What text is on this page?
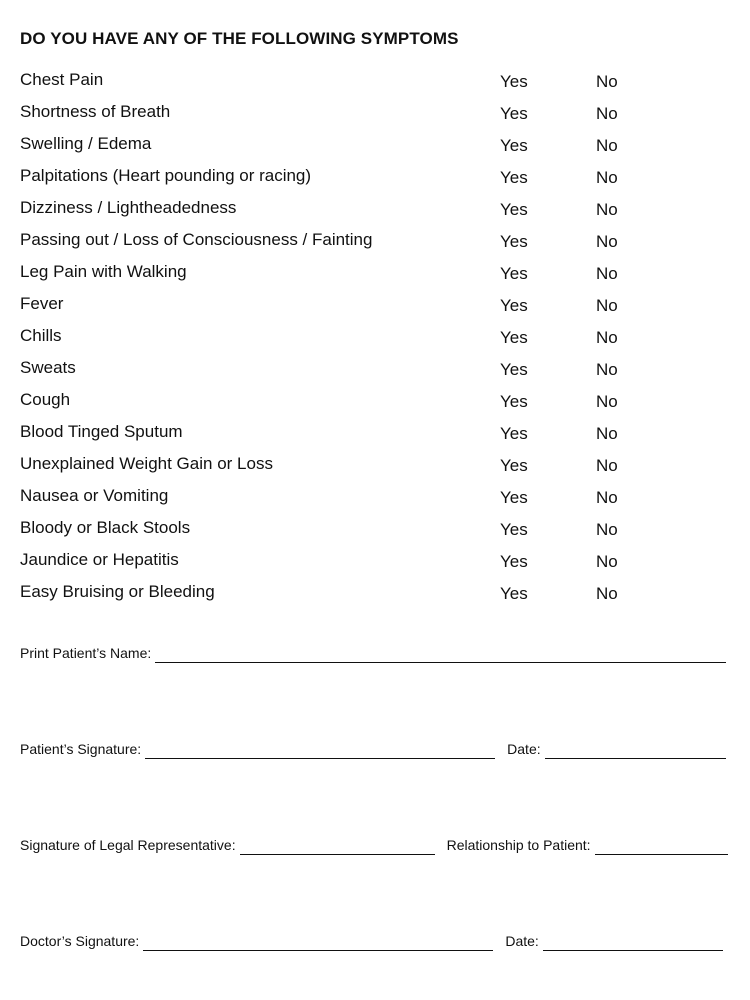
DO YOU HAVE ANY OF THE FOLLOWING SYMPTOMS
Chest Pain	Yes	No
Shortness of Breath	Yes	No
Swelling / Edema	Yes	No
Palpitations (Heart pounding or racing)	Yes	No
Dizziness / Lightheadedness	Yes	No
Passing out / Loss of Consciousness / Fainting	Yes	No
Leg Pain with Walking	Yes	No
Fever	Yes	No
Chills	Yes	No
Sweats	Yes	No
Cough	Yes	No
Blood Tinged Sputum	Yes	No
Unexplained Weight Gain or Loss	Yes	No
Nausea or Vomiting	Yes	No
Bloody or Black Stools	Yes	No
Jaundice or Hepatitis	Yes	No
Easy Bruising or Bleeding	Yes	No
Print Patient’s Name:
Patient’s Signature:	Date:
Signature of Legal Representative:	Relationship to Patient:
Doctor’s Signature:	Date:
